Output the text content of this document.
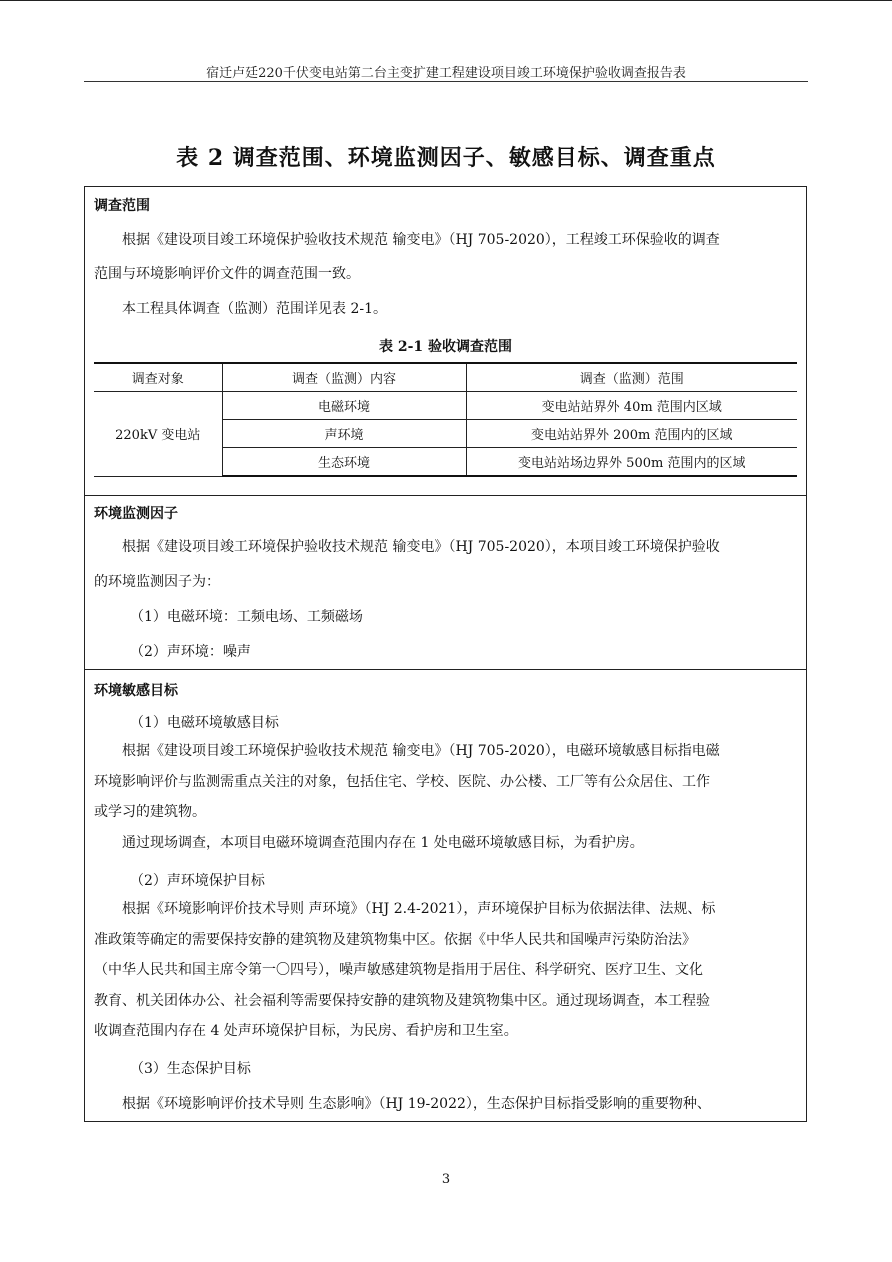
宿迁卢廷220千伏变电站第二台主变扩建工程建设项目竣工环境保护验收调查报告表
表 2 调查范围、环境监测因子、敏感目标、调查重点
调查范围
根据《建设项目竣工环境保护验收技术规范 输变电》（HJ 705-2020），工程竣工环保验收的调查
范围与环境影响评价文件的调查范围一致。
本工程具体调查（监测）范围详见表 2-1。
表 2-1 验收调查范围
调查对象	调查（监测）内容	调查（监测）范围
220kV 变电站	电磁环境	变电站站界外 40m 范围内区域
	声环境	变电站站界外 200m 范围内的区域
	生态环境	变电站站场边界外 500m 范围内的区域
环境监测因子
根据《建设项目竣工环境保护验收技术规范 输变电》（HJ 705-2020），本项目竣工环境保护验收
的环境监测因子为：
（1）电磁环境：工频电场、工频磁场
（2）声环境：噪声
环境敏感目标
（1）电磁环境敏感目标
根据《建设项目竣工环境保护验收技术规范 输变电》（HJ 705-2020），电磁环境敏感目标指电磁
环境影响评价与监测需重点关注的对象，包括住宅、学校、医院、办公楼、工厂等有公众居住、工作
或学习的建筑物。
通过现场调查，本项目电磁环境调查范围内存在 1 处电磁环境敏感目标，为看护房。
（2）声环境保护目标
根据《环境影响评价技术导则 声环境》（HJ 2.4-2021），声环境保护目标为依据法律、法规、标
准政策等确定的需要保持安静的建筑物及建筑物集中区。依据《中华人民共和国噪声污染防治法》
（中华人民共和国主席令第一〇四号），噪声敏感建筑物是指用于居住、科学研究、医疗卫生、文化
教育、机关团体办公、社会福利等需要保持安静的建筑物及建筑物集中区。通过现场调查，本工程验
收调查范围内存在 4 处声环境保护目标，为民房、看护房和卫生室。
（3）生态保护目标
根据《环境影响评价技术导则 生态影响》（HJ 19-2022），生态保护目标指受影响的重要物种、
3
